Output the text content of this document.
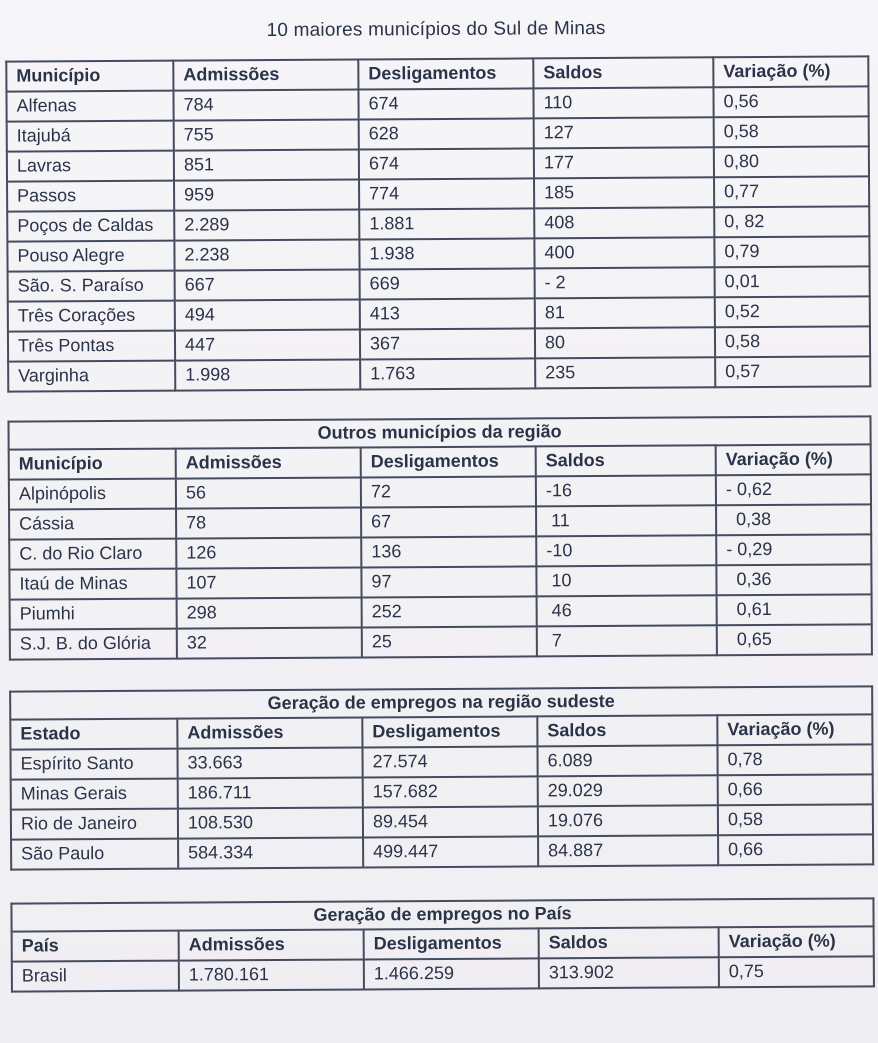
10 maiores municípios do Sul de Minas
Município	Admissões	Desligamentos	Saldos	Variação (%)
Alfenas	784	674	110	0,56
Itajubá	755	628	127	0,58
Lavras	851	674	177	0,80
Passos	959	774	185	0,77
Poços de Caldas	2.289	1.881	408	0, 82
Pouso Alegre	2.238	1.938	400	0,79
São. S. Paraíso	667	669	- 2	0,01
Três Corações	494	413	81	0,52
Três Pontas	447	367	80	0,58
Varginha	1.998	1.763	235	0,57
Outros municípios da região				
Município	Admissões	Desligamentos	Saldos	Variação (%)
Alpinópolis	56	72	-16	- 0,62
Cássia	78	67	11	0,38
C. do Rio Claro	126	136	-10	- 0,29
Itaú de Minas	107	97	10	0,36
Piumhi	298	252	46	0,61
S.J. B. do Glória	32	25	7	0,65
Geração de empregos na região sudeste				
Estado	Admissões	Desligamentos	Saldos	Variação (%)
Espírito Santo	33.663	27.574	6.089	0,78
Minas Gerais	186.711	157.682	29.029	0,66
Rio de Janeiro	108.530	89.454	19.076	0,58
São Paulo	584.334	499.447	84.887	0,66
Geração de empregos no País				
País	Admissões	Desligamentos	Saldos	Variação (%)
Brasil	1.780.161	1.466.259	313.902	0,75
